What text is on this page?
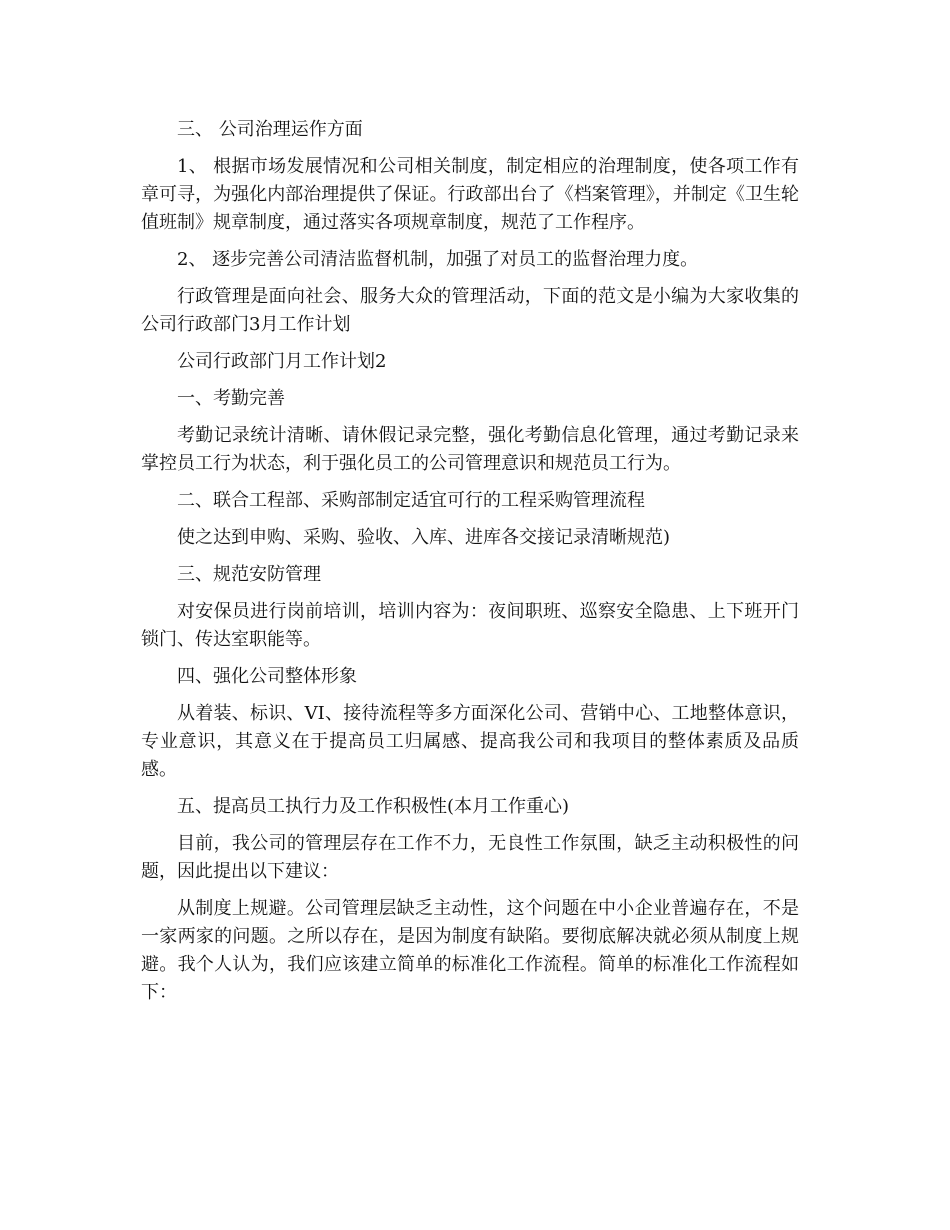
三、 公司治理运作方面

1、 根据市场发展情况和公司相关制度，制定相应的治理制度，使各项工作有章可寻，为强化内部治理提供了保证。行政部出台了《档案管理》，并制定《卫生轮值班制》规章制度，通过落实各项规章制度，规范了工作程序。

2、 逐步完善公司清洁监督机制，加强了对员工的监督治理力度。

行政管理是面向社会、服务大众的管理活动，下面的范文是小编为大家收集的公司行政部门3月工作计划

公司行政部门月工作计划2

一、考勤完善

考勤记录统计清晰、请休假记录完整，强化考勤信息化管理，通过考勤记录来掌控员工行为状态，利于强化员工的公司管理意识和规范员工行为。

二、联合工程部、采购部制定适宜可行的工程采购管理流程

使之达到申购、采购、验收、入库、进库各交接记录清晰规范)

三、规范安防管理

对安保员进行岗前培训，培训内容为：夜间职班、巡察安全隐患、上下班开门锁门、传达室职能等。

四、强化公司整体形象

从着装、标识、VI、接待流程等多方面深化公司、营销中心、工地整体意识，专业意识，其意义在于提高员工归属感、提高我公司和我项目的整体素质及品质感。

五、提高员工执行力及工作积极性(本月工作重心)

目前，我公司的管理层存在工作不力，无良性工作氛围，缺乏主动积极性的问题，因此提出以下建议：

从制度上规避。公司管理层缺乏主动性，这个问题在中小企业普遍存在，不是一家两家的问题。之所以存在，是因为制度有缺陷。要彻底解决就必须从制度上规避。我个人认为，我们应该建立简单的标准化工作流程。简单的标准化工作流程如下：
